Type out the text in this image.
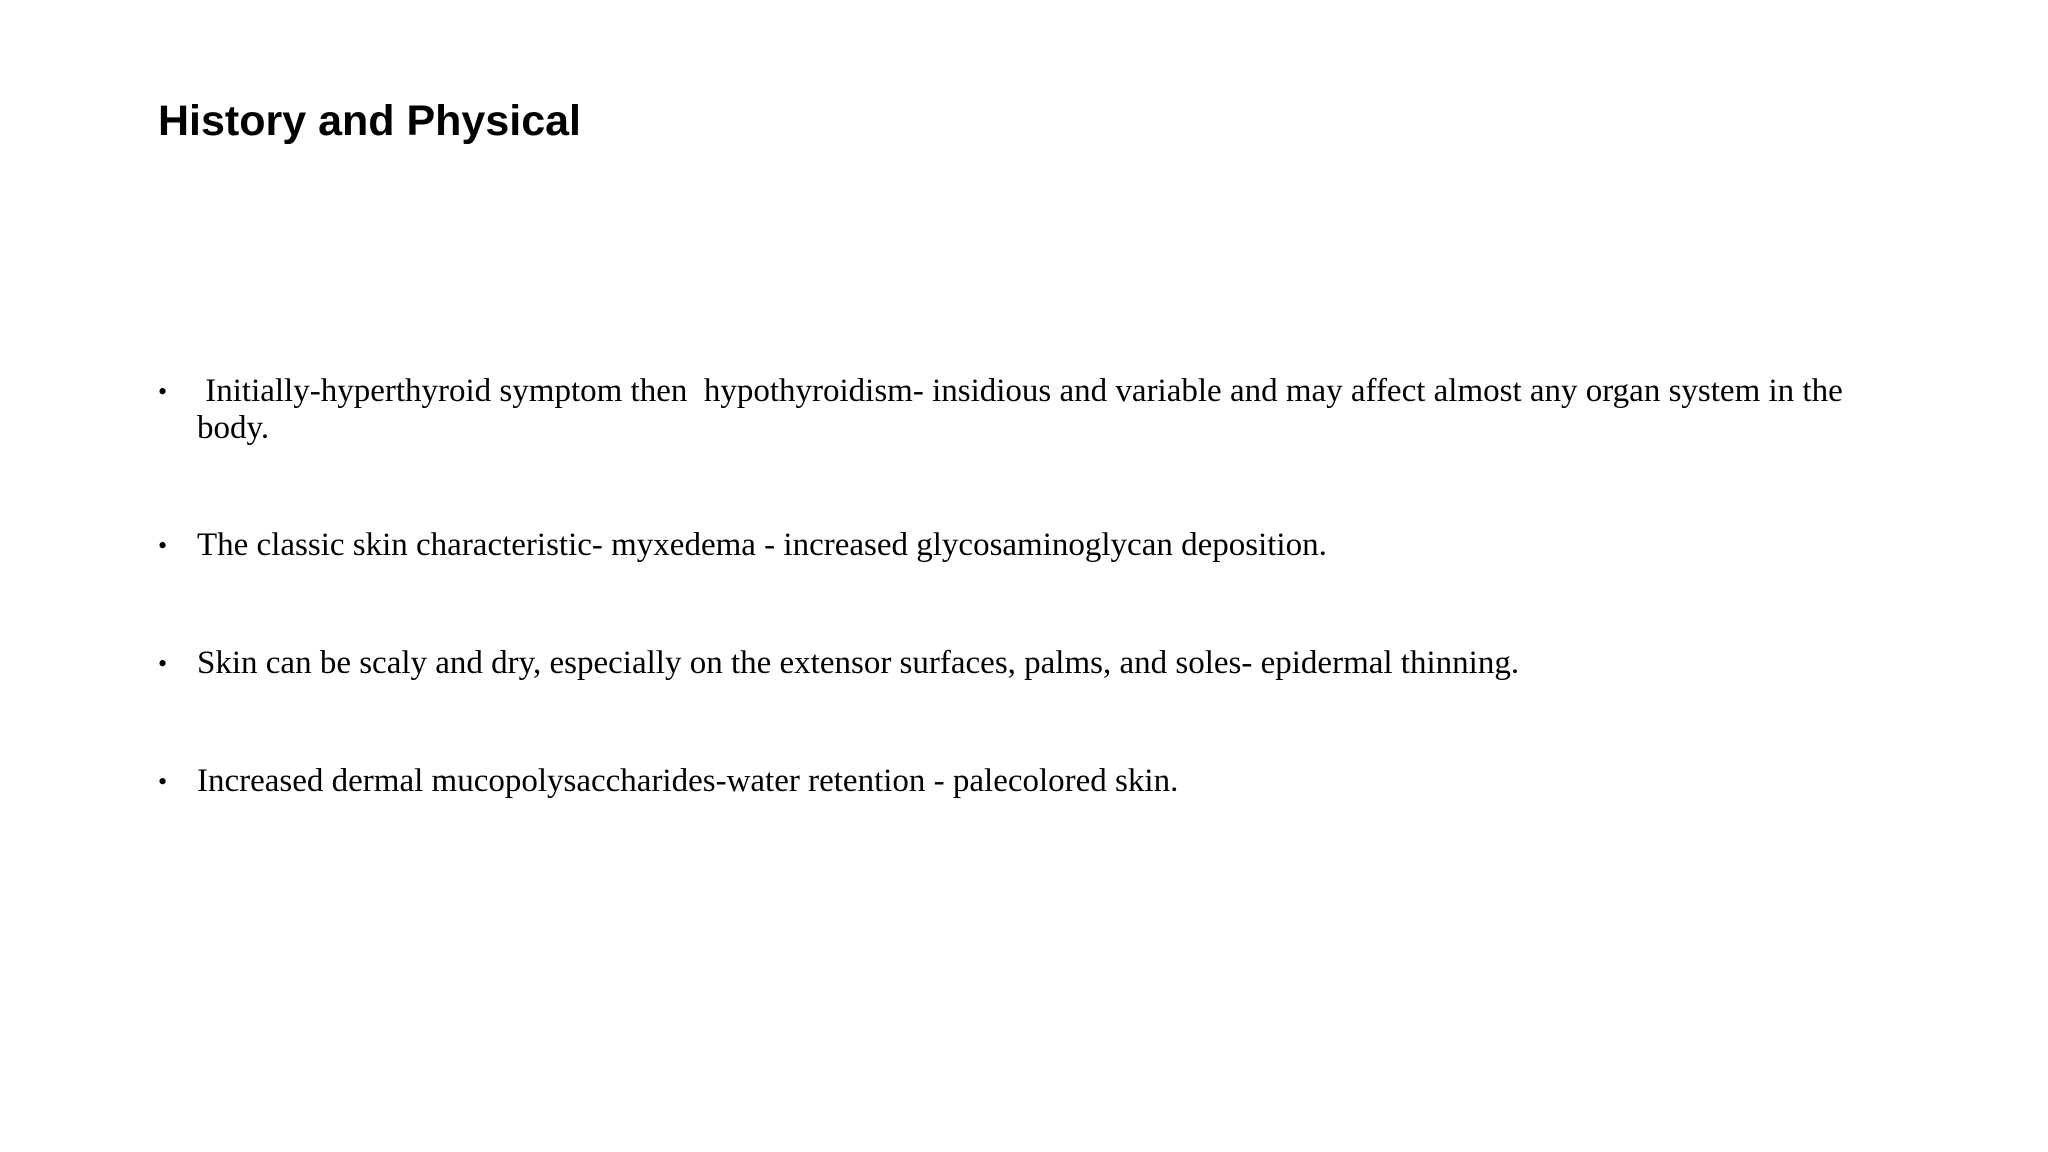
History and Physical
• Initially-hyperthyroid symptom then  hypothyroidism- insidious and variable and may affect almost any organ system in the body.
• The classic skin characteristic- myxedema - increased glycosaminoglycan deposition.
• Skin can be scaly and dry, especially on the extensor surfaces, palms, and soles- epidermal thinning.
• Increased dermal mucopolysaccharides-water retention - palecolored skin.
